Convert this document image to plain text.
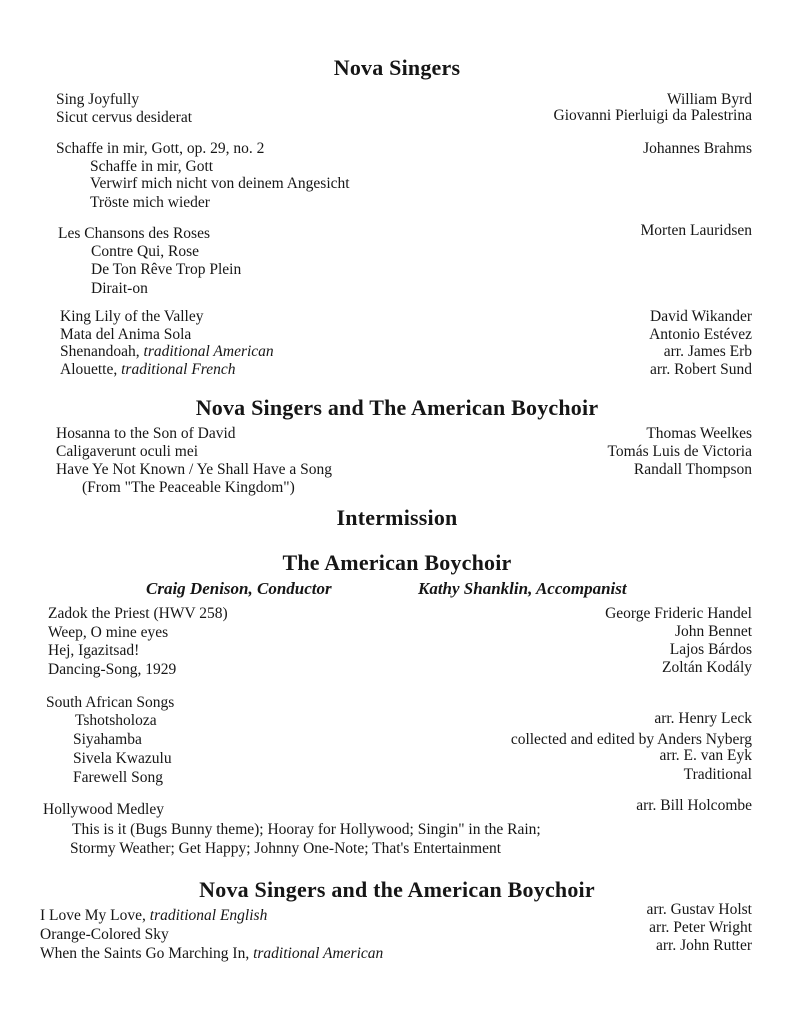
Nova Singers
Sing Joyfully
Sicut cervus desiderat
Schaffe in mir, Gott, op. 29, no. 2
Schaffe in mir, Gott
Verwirf mich nicht von deinem Angesicht
Tröste mich wieder
Les Chansons des Roses
Contre Qui, Rose
De Ton Rêve Trop Plein
Dirait-on
King Lily of the Valley
Mata del Anima Sola
Shenandoah, traditional American
Alouette, traditional French
William Byrd
Giovanni Pierluigi da Palestrina
Johannes Brahms
Morten Lauridsen
David Wikander
Antonio Estévez
arr. James Erb
arr. Robert Sund
Nova Singers and The American Boychoir
Hosanna to the Son of David
Caligaverunt oculi mei
Have Ye Not Known / Ye Shall Have a Song
(From "The Peaceable Kingdom")
Thomas Weelkes
Tomás Luis de Victoria
Randall Thompson
Intermission
The American Boychoir
Craig Denison, Conductor	Kathy Shanklin, Accompanist
Zadok the Priest (HWV 258)
Weep, O mine eyes
Hej, Igazitsad!
Dancing-Song, 1929
South African Songs
Tshotsholoza
Siyahamba
Sivela Kwazulu
Farewell Song
Hollywood Medley
This is it (Bugs Bunny theme); Hooray for Hollywood; Singin" in the Rain;
Stormy Weather; Get Happy; Johnny One-Note; That's Entertainment
George Frideric Handel
John Bennet
Lajos Bárdos
Zoltán Kodály
arr. Henry Leck
collected and edited by Anders Nyberg
arr. E. van Eyk
Traditional
arr. Bill Holcombe
Nova Singers and the American Boychoir
I Love My Love, traditional English
Orange-Colored Sky
When the Saints Go Marching In, traditional American
arr. Gustav Holst
arr. Peter Wright
arr. John Rutter
